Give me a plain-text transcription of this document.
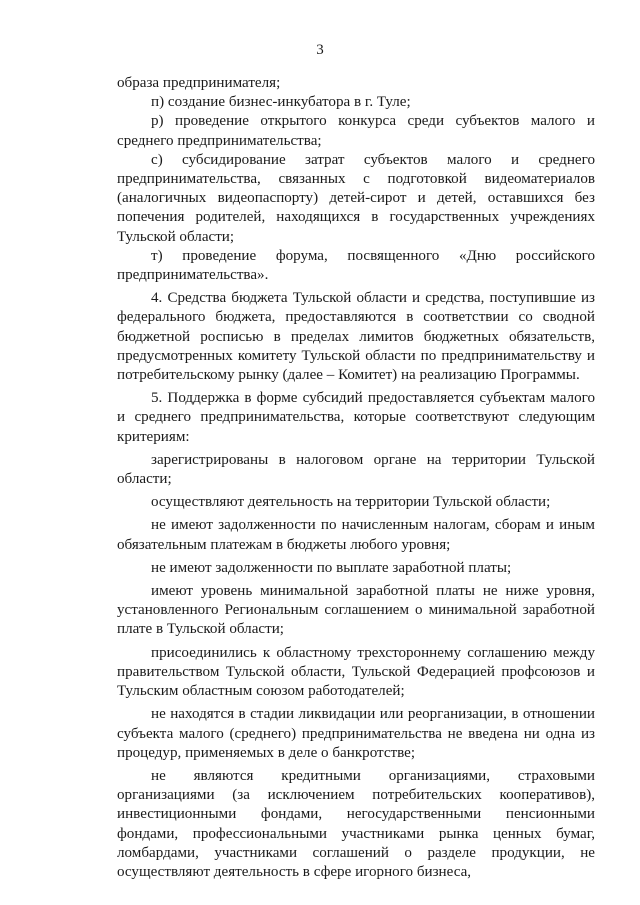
3

образа предпринимателя;

п) создание бизнес-инкубатора в г. Туле;

р) проведение открытого конкурса среди субъектов малого и среднего предпринимательства;

с) субсидирование затрат субъектов малого и среднего предпринимательства, связанных с подготовкой видеоматериалов (аналогичных видеопаспорту) детей-сирот и детей, оставшихся без попечения родителей, находящихся в государственных учреждениях Тульской области;

т) проведение форума, посвященного «Дню российского предпринимательства».

4. Средства бюджета Тульской области и средства, поступившие из федерального бюджета, предоставляются в соответствии со сводной бюджетной росписью в пределах лимитов бюджетных обязательств, предусмотренных комитету Тульской области по предпринимательству и потребительскому рынку (далее – Комитет) на реализацию Программы.

5. Поддержка в форме субсидий предоставляется субъектам малого и среднего предпринимательства, которые соответствуют следующим критериям:

зарегистрированы в налоговом органе на территории Тульской области;

осуществляют деятельность на территории Тульской области;

не имеют задолженности по начисленным налогам, сборам и иным обязательным платежам в бюджеты любого уровня;

не имеют задолженности по выплате заработной платы;

имеют уровень минимальной заработной платы не ниже уровня, установленного Региональным соглашением о минимальной заработной плате в Тульской области;

присоединились к областному трехстороннему соглашению между правительством Тульской области, Тульской Федерацией профсоюзов и Тульским областным союзом работодателей;

не находятся в стадии ликвидации или реорганизации, в отношении субъекта малого (среднего) предпринимательства не введена ни одна из процедур, применяемых в деле о банкротстве;

не являются кредитными организациями, страховыми организациями (за исключением потребительских кооперативов), инвестиционными фондами, негосударственными пенсионными фондами, профессиональными участниками рынка ценных бумаг, ломбардами, участниками соглашений о разделе продукции, не осуществляют деятельность в сфере игорного бизнеса,
